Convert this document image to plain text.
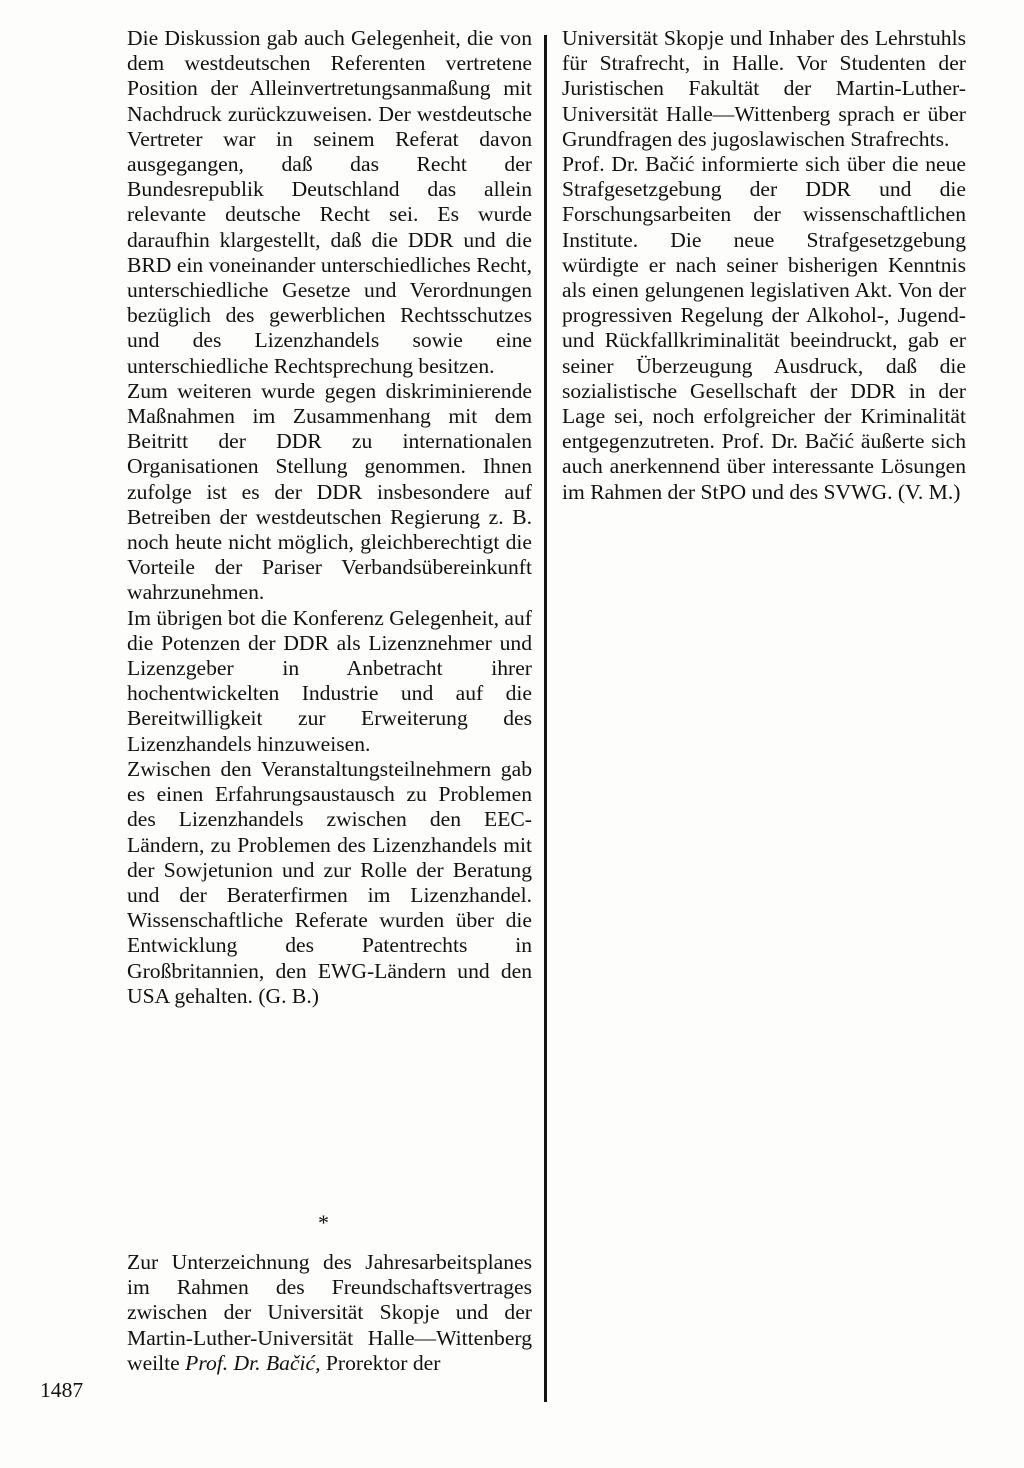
Die Diskussion gab auch Gelegenheit, die von dem westdeutschen Referenten vertretene Position der Alleinvertretungsanmaßung mit Nachdruck zurückzuweisen. Der westdeutsche Vertreter war in seinem Referat davon ausgegangen, daß das Recht der Bundesrepublik Deutschland das allein relevante deutsche Recht sei. Es wurde daraufhin klargestellt, daß die DDR und die BRD ein voneinander unterschiedliches Recht, unterschiedliche Gesetze und Verordnungen bezüglich des gewerblichen Rechtsschutzes und des Lizenzhandels sowie eine unterschiedliche Rechtsprechung besitzen.

Zum weiteren wurde gegen diskriminierende Maßnahmen im Zusammenhang mit dem Beitritt der DDR zu internationalen Organisationen Stellung genommen. Ihnen zufolge ist es der DDR insbesondere auf Betreiben der westdeutschen Regierung z. B. noch heute nicht möglich, gleichberechtigt die Vorteile der Pariser Verbandsübereinkunft wahrzunehmen.

Im übrigen bot die Konferenz Gelegenheit, auf die Potenzen der DDR als Lizenznehmer und Lizenzgeber in Anbetracht ihrer hochentwickelten Industrie und auf die Bereitwilligkeit zur Erweiterung des Lizenzhandels hinzuweisen.

Zwischen den Veranstaltungsteilnehmern gab es einen Erfahrungsaustausch zu Problemen des Lizenzhandels zwischen den EEC-Ländern, zu Problemen des Lizenzhandels mit der Sowjetunion und zur Rolle der Beratung und der Beraterfirmen im Lizenzhandel. Wissenschaftliche Referate wurden über die Entwicklung des Patentrechts in Großbritannien, den EWG-Ländern und den USA gehalten. (G. B.)

*

Zur Unterzeichnung des Jahresarbeitsplanes im Rahmen des Freundschaftsvertrages zwischen der Universität Skopje und der Martin-Luther-Universität Halle—Wittenberg weilte Prof. Dr. Bačić, Prorektor der

Universität Skopje und Inhaber des Lehrstuhls für Strafrecht, in Halle. Vor Studenten der Juristischen Fakultät der Martin-Luther-Universität Halle—Wittenberg sprach er über Grundfragen des jugoslawischen Strafrechts.

Prof. Dr. Bačić informierte sich über die neue Strafgesetzgebung der DDR und die Forschungsarbeiten der wissenschaftlichen Institute. Die neue Strafgesetzgebung würdigte er nach seiner bisherigen Kenntnis als einen gelungenen legislativen Akt. Von der progressiven Regelung der Alkohol-, Jugend- und Rückfallkriminalität beeindruckt, gab er seiner Überzeugung Ausdruck, daß die sozialistische Gesellschaft der DDR in der Lage sei, noch erfolgreicher der Kriminalität entgegenzutreten. Prof. Dr. Bačić äußerte sich auch anerkennend über interessante Lösungen im Rahmen der StPO und des SVWG. (V. M.)

1487
